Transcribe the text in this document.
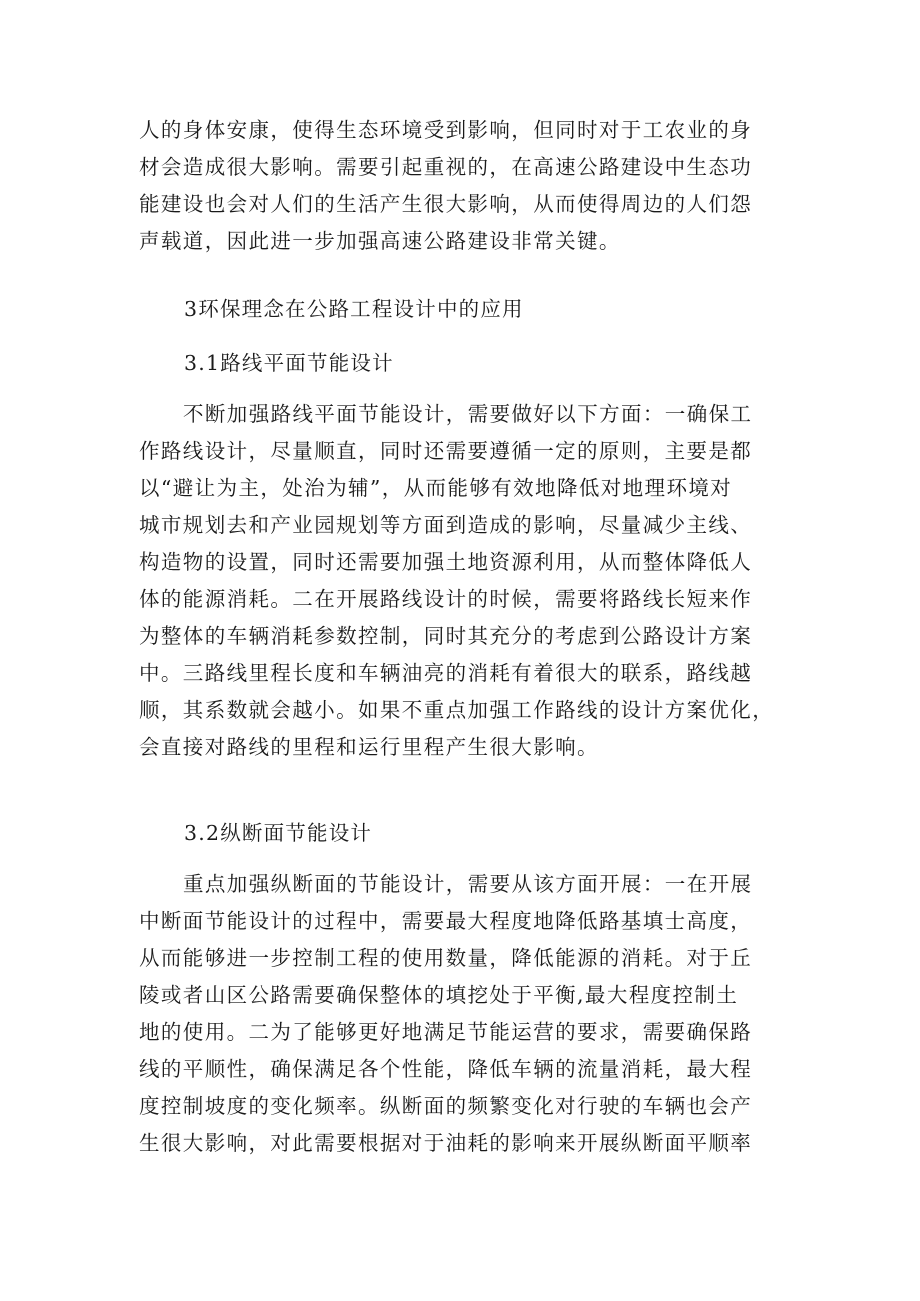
人的身体安康，使得生态环境受到影响，但同时对于工农业的身
材会造成很大影响。需要引起重视的，在高速公路建设中生态功
能建设也会对人们的生活产生很大影响，从而使得周边的人们怨
声载道，因此进一步加强高速公路建设非常关键。
3环保理念在公路工程设计中的应用
3.1路线平面节能设计
不断加强路线平面节能设计，需要做好以下方面：一确保工
作路线设计，尽量顺直，同时还需要遵循一定的原则，主要是都
以“避让为主，处治为辅”，从而能够有效地降低对地理环境对
城市规划去和产业园规划等方面到造成的影响，尽量减少主线、
构造物的设置，同时还需要加强土地资源利用，从而整体降低人
体的能源消耗。二在开展路线设计的时候，需要将路线长短来作
为整体的车辆消耗参数控制，同时其充分的考虑到公路设计方案
中。三路线里程长度和车辆油亮的消耗有着很大的联系，路线越
顺，其系数就会越小。如果不重点加强工作路线的设计方案优化，
会直接对路线的里程和运行里程产生很大影响。
3.2纵断面节能设计
重点加强纵断面的节能设计，需要从该方面开展：一在开展
中断面节能设计的过程中，需要最大程度地降低路基填士高度，
从而能够进一步控制工程的使用数量，降低能源的消耗。对于丘
陵或者山区公路需要确保整体的填挖处于平衡,最大程度控制土
地的使用。二为了能够更好地满足节能运营的要求，需要确保路
线的平顺性，确保满足各个性能，降低车辆的流量消耗，最大程
度控制坡度的变化频率。纵断面的频繁变化对行驶的车辆也会产
生很大影响，对此需要根据对于油耗的影响来开展纵断面平顺率
